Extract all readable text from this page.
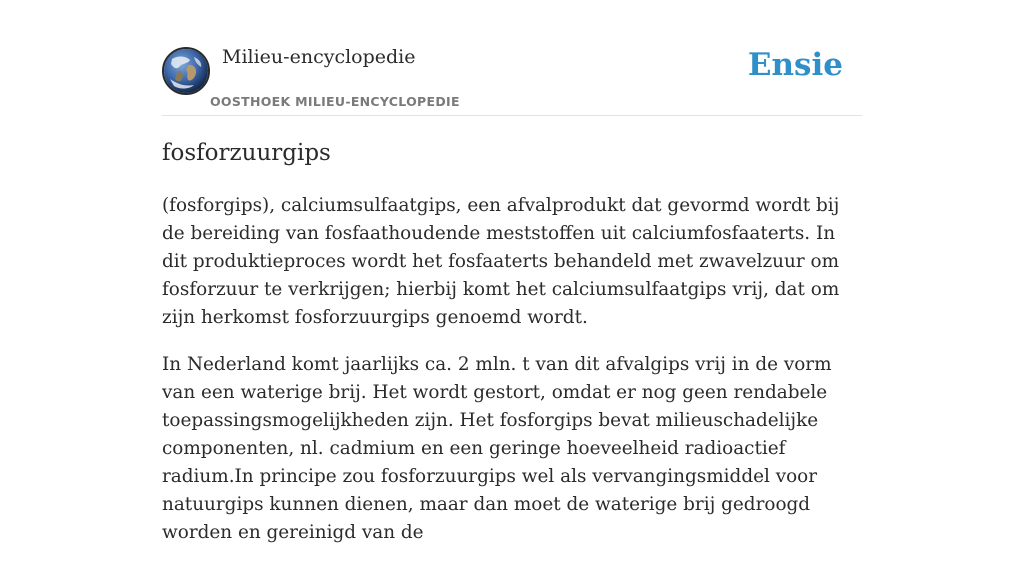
Milieu-encyclopedie
OOSTHOEK MILIEU-ENCYCLOPEDIE
Ensie
fosforzuurgips

(fosforgips), calciumsulfaatgips, een afvalprodukt dat gevormd wordt bij de bereiding van fosfaathoudende meststoffen uit calciumfosfaaterts. In dit produktieproces wordt het fosfaaterts behandeld met zwavelzuur om fosforzuur te verkrijgen; hierbij komt het calciumsulfaatgips vrij, dat om zijn herkomst fosforzuurgips genoemd wordt.

In Nederland komt jaarlijks ca. 2 mln. t van dit afvalgips vrij in de vorm van een waterige brij. Het wordt gestort, omdat er nog geen rendabele toepassingsmogelijkheden zijn. Het fosforgips bevat milieuschadelijke componenten, nl. cadmium en een geringe hoeveelheid radioactief radium.In principe zou fosforzuurgips wel als vervangingsmiddel voor natuurgips kunnen dienen, maar dan moet de waterige brij gedroogd worden en gereinigd van de
